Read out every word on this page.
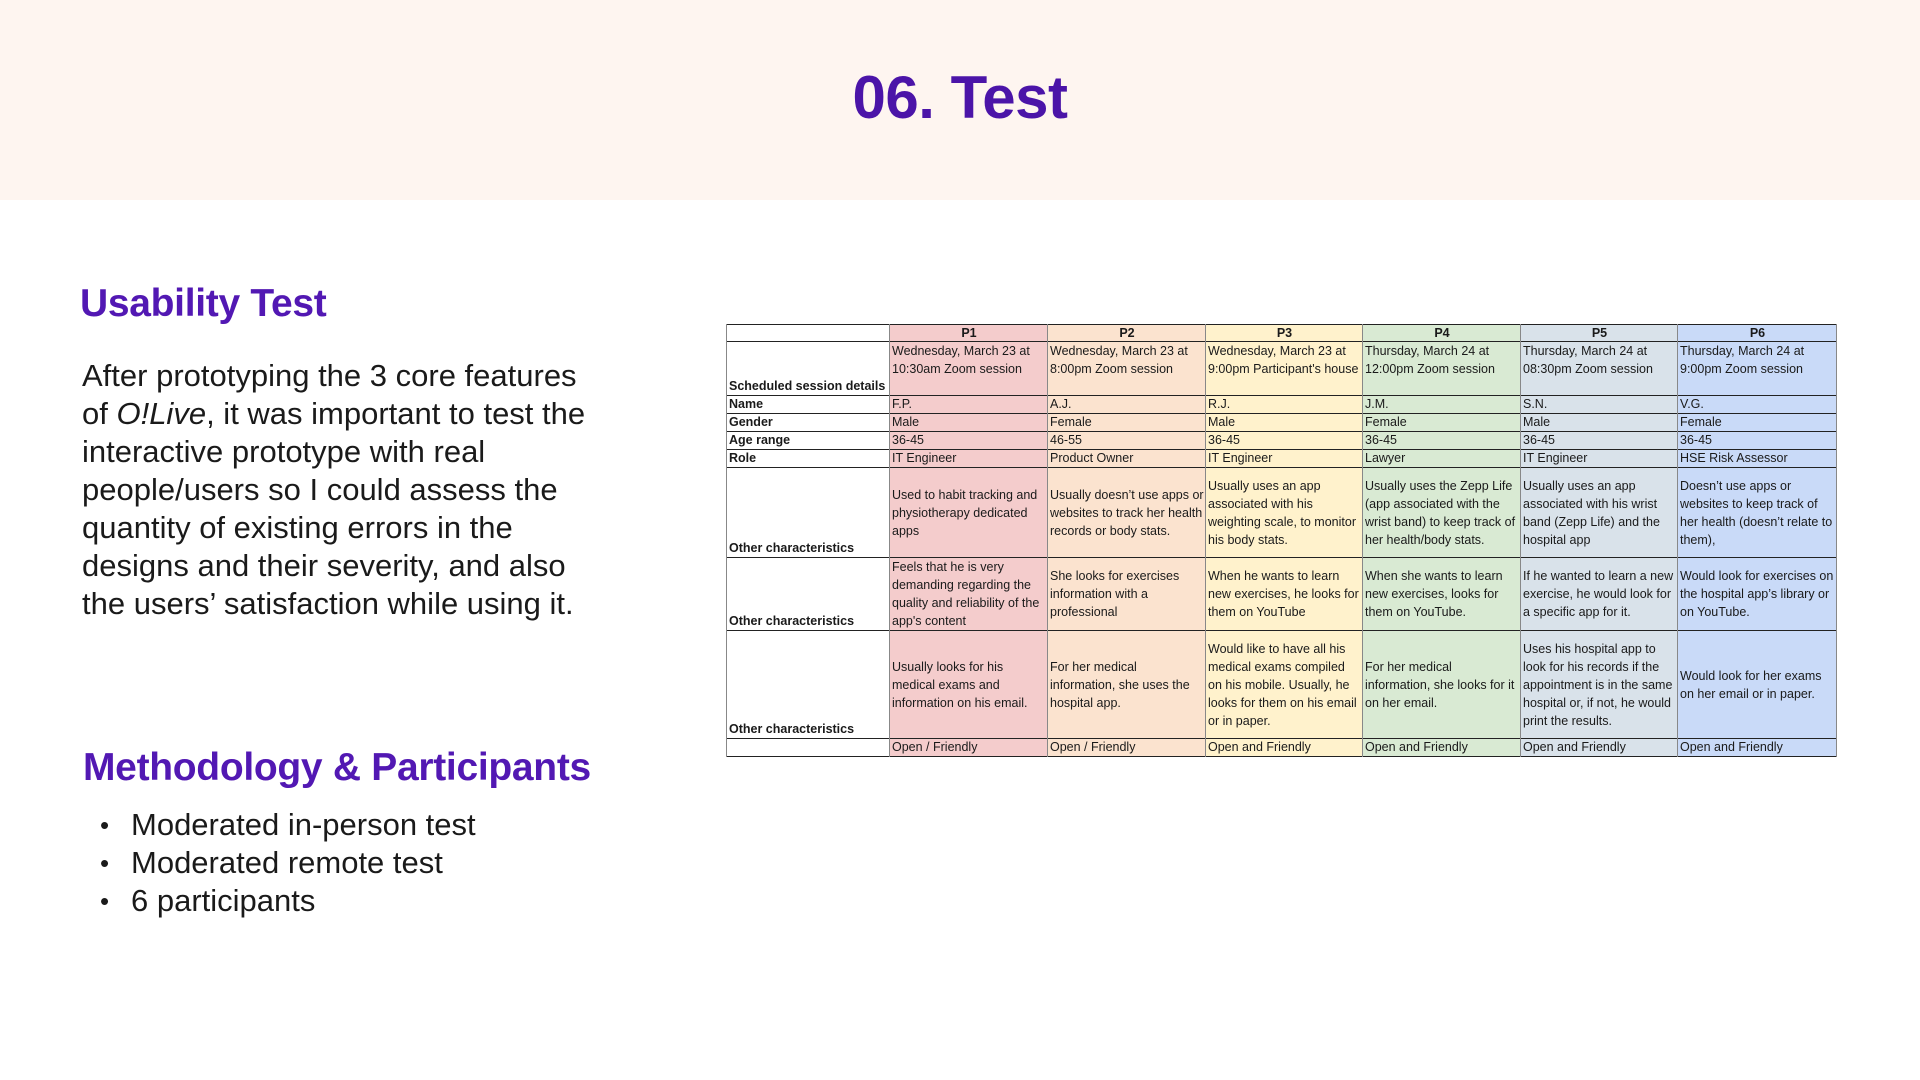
06. Test
Usability Test
After prototyping the 3 core features of O!Live, it was important to test the interactive prototype with real people/users so I could assess the quantity of existing errors in the designs and their severity, and also the users’ satisfaction while using it.
Methodology & Participants
• Moderated in-person test
• Moderated remote test
• 6 participants
	P1	P2	P3	P4	P5	P6
Scheduled session details	Wednesday, March 23 at 10:30am Zoom session	Wednesday, March 23 at 8:00pm Zoom session	Wednesday, March 23 at 9:00pm Participant's house	Thursday, March 24 at 12:00pm Zoom session	Thursday, March 24 at 08:30pm Zoom session	Thursday, March 24 at 9:00pm Zoom session
Name	F.P.	A.J.	R.J.	J.M.	S.N.	V.G.
Gender	Male	Female	Male	Female	Male	Female
Age range	36-45	46-55	36-45	36-45	36-45	36-45
Role	IT Engineer	Product Owner	IT Engineer	Lawyer	IT Engineer	HSE Risk Assessor
Other characteristics	Used to habit tracking and physiotherapy dedicated apps	Usually doesn’t use apps or websites to track her health records or body stats.	Usually uses an app associated with his weighting scale, to monitor his body stats.	Usually uses the Zepp Life (app associated with the wrist band) to keep track of her health/body stats.	Usually uses an app associated with his wrist band (Zepp Life) and the hospital app	Doesn’t use apps or websites to keep track of her health (doesn’t relate to them),
Other characteristics	Feels that he is very demanding regarding the quality and reliability of the app's content	She looks for exercises information with a professional	When he wants to learn new exercises, he looks for them on YouTube	When she wants to learn new exercises, looks for them on YouTube.	If he wanted to learn a new exercise, he would look for a specific app for it.	Would look for exercises on the hospital app’s library or on YouTube.
Other characteristics	Usually looks for his medical exams and information on his email.	For her medical information, she uses the hospital app.	Would like to have all his medical exams compiled on his mobile. Usually, he looks for them on his email or in paper.	For her medical information, she looks for it on her email.	Uses his hospital app to look for his records if the appointment is in the same hospital or, if not, he would print the results.	Would look for her exams on her email or in paper.
	Open / Friendly	Open / Friendly	Open and Friendly	Open and Friendly	Open and Friendly	Open and Friendly
